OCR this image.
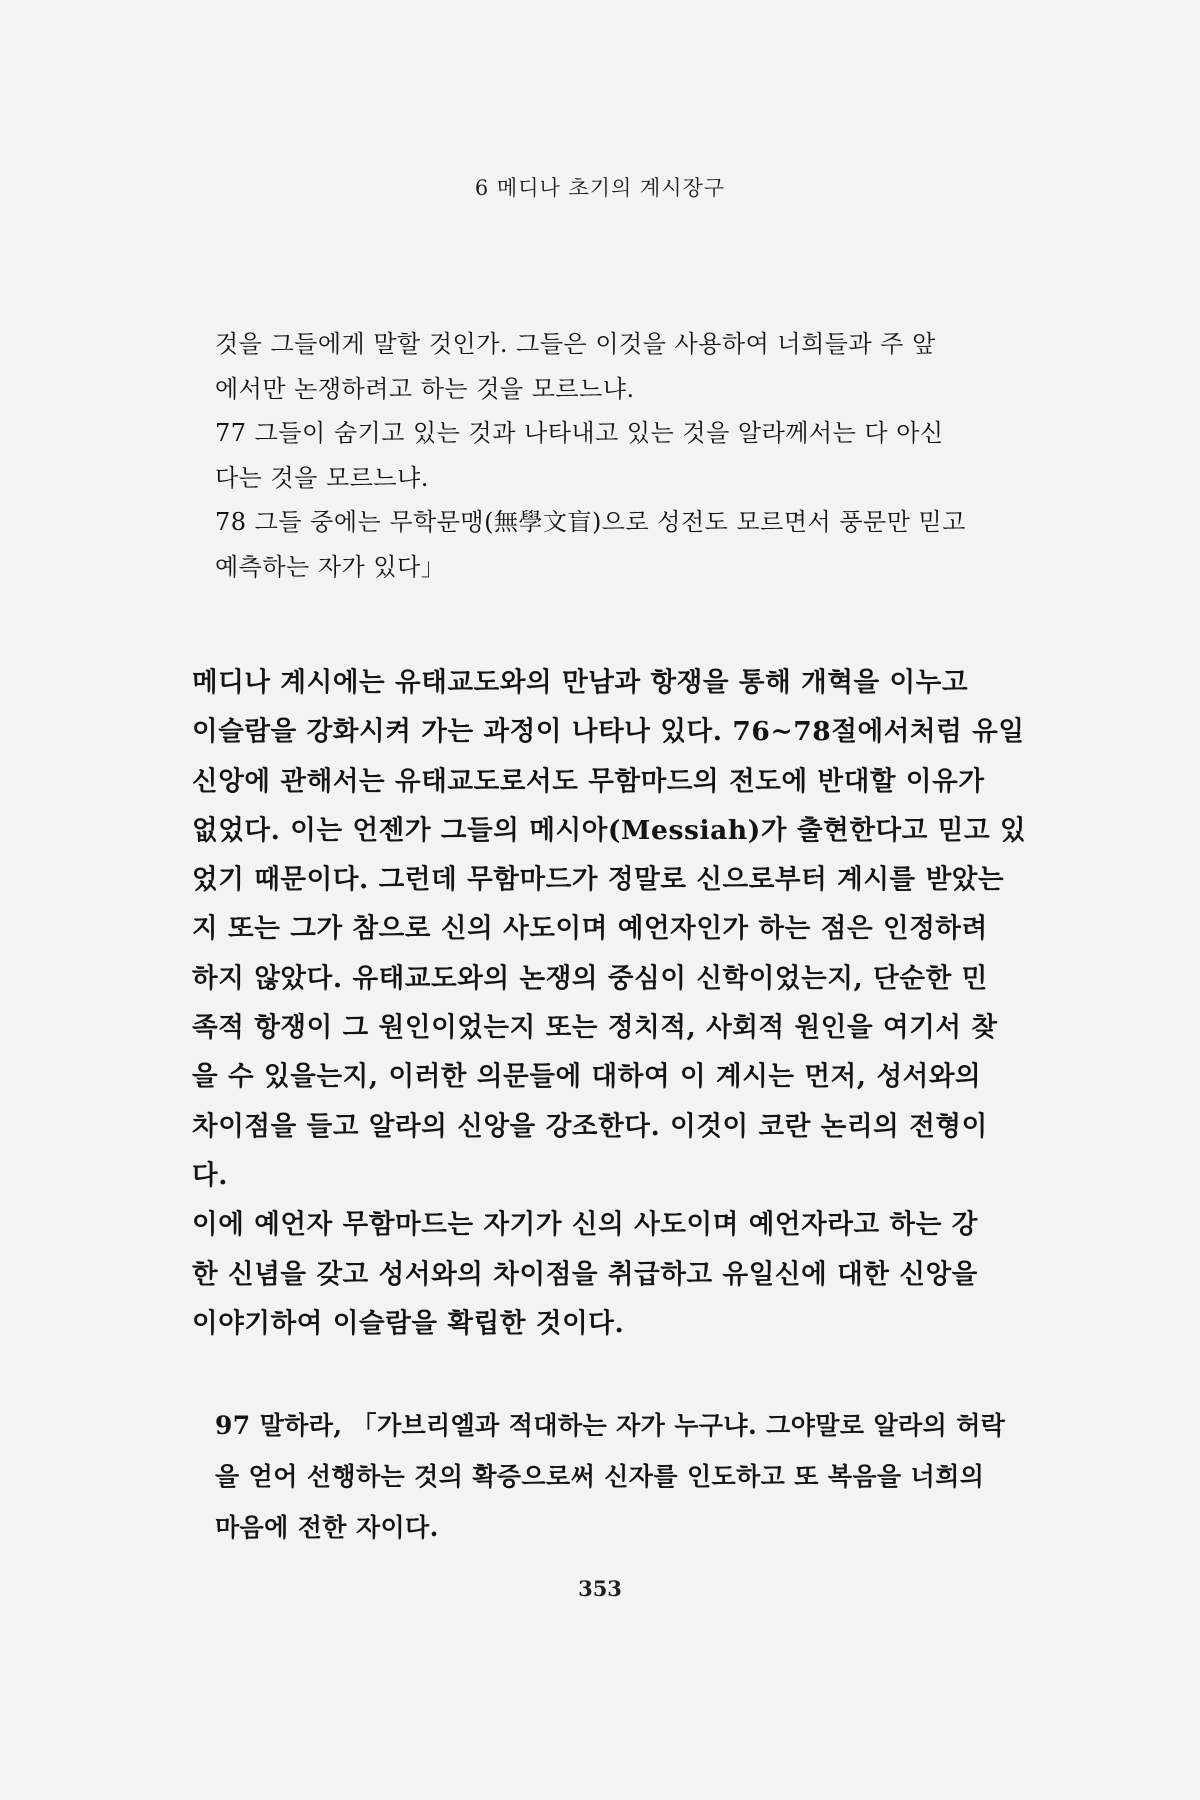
6 메디나 초기의 계시장구
것을 그들에게 말할 것인가. 그들은 이것을 사용하여 너희들과 주 앞
에서만 논쟁하려고 하는 것을 모르느냐.
77 그들이 숨기고 있는 것과 나타내고 있는 것을 알라께서는 다 아신
다는 것을 모르느냐.
78 그들 중에는 무학문맹(無學文盲)으로 성전도 모르면서 풍문만 믿고
예측하는 자가 있다」
메디나 계시에는 유태교도와의 만남과 항쟁을 통해 개혁을 이누고
이슬람을 강화시켜 가는 과정이 나타나 있다. 76~78절에서처럼 유일
신앙에 관해서는 유태교도로서도 무함마드의 전도에 반대할 이유가
없었다. 이는 언젠가 그들의 메시아(Messiah)가 출현한다고 믿고 있
었기 때문이다. 그런데 무함마드가 정말로 신으로부터 계시를 받았는
지 또는 그가 참으로 신의 사도이며 예언자인가 하는 점은 인정하려
하지 않았다. 유태교도와의 논쟁의 중심이 신학이었는지, 단순한 민
족적 항쟁이 그 원인이었는지 또는 정치적, 사회적 원인을 여기서 찾
을 수 있을는지, 이러한 의문들에 대하여 이 계시는 먼저, 성서와의
차이점을 들고 알라의 신앙을 강조한다. 이것이 코란 논리의 전형이
다.
이에 예언자 무함마드는 자기가 신의 사도이며 예언자라고 하는 강
한 신념을 갖고 성서와의 차이점을 취급하고 유일신에 대한 신앙을
이야기하여 이슬람을 확립한 것이다.
97 말하라, 「가브리엘과 적대하는 자가 누구냐. 그야말로 알라의 허락
을 얻어 선행하는 것의 확증으로써 신자를 인도하고 또 복음을 너희의
마음에 전한 자이다.
353
